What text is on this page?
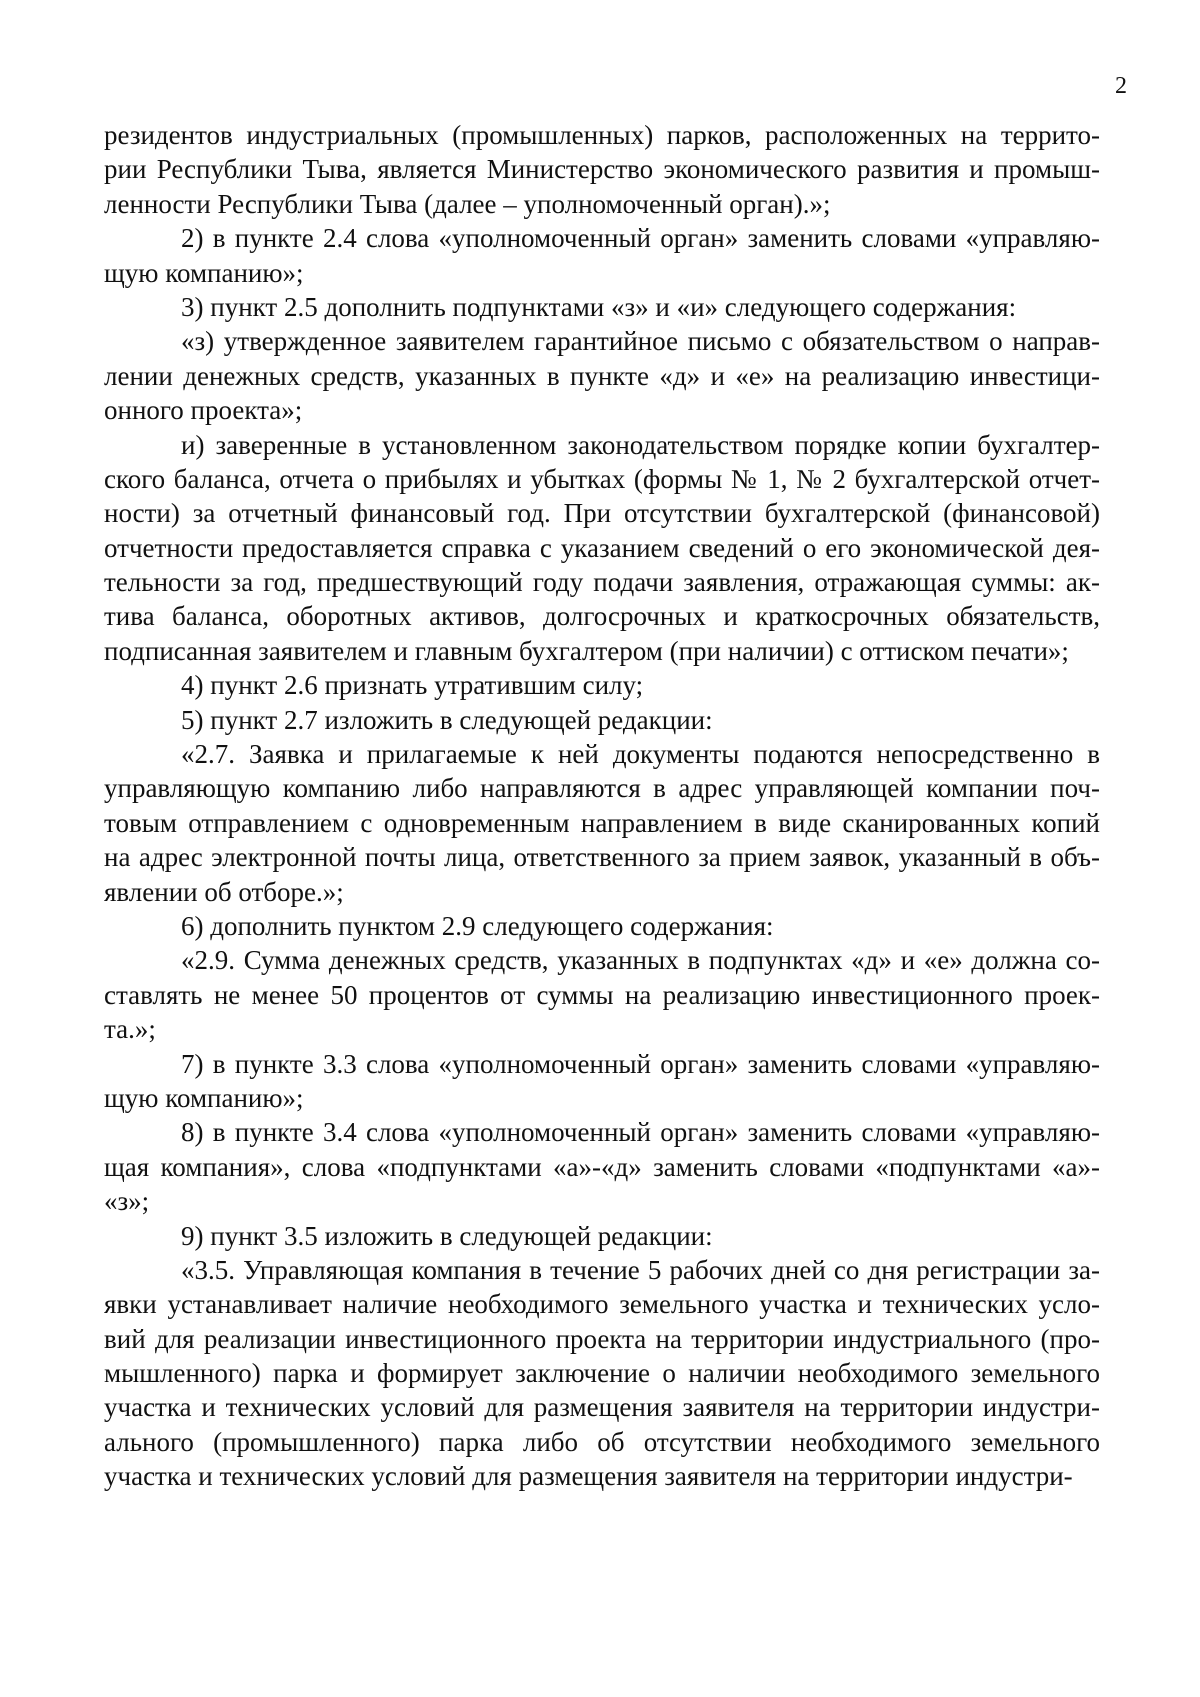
2
резидентов индустриальных (промышленных) парков, расположенных на террито-
рии Республики Тыва, является Министерство экономического развития и промыш-
ленности Республики Тыва (далее – уполномоченный орган).»;
2) в пункте 2.4 слова «уполномоченный орган» заменить словами «управляю-
щую компанию»;
3) пункт 2.5 дополнить подпунктами «з» и «и» следующего содержания:
«з) утвержденное заявителем гарантийное письмо с обязательством о направ-
лении денежных средств, указанных в пункте «д» и «е» на реализацию инвестици-
онного проекта»;
и) заверенные в установленном законодательством порядке копии бухгалтер-
ского баланса, отчета о прибылях и убытках (формы № 1, № 2 бухгалтерской отчет-
ности) за отчетный финансовый год. При отсутствии бухгалтерской (финансовой)
отчетности предоставляется справка с указанием сведений о его экономической дея-
тельности за год, предшествующий году подачи заявления, отражающая суммы: ак-
тива баланса, оборотных активов, долгосрочных и краткосрочных обязательств,
подписанная заявителем и главным бухгалтером (при наличии) с оттиском печати»;
4) пункт 2.6 признать утратившим силу;
5) пункт 2.7 изложить в следующей редакции:
«2.7. Заявка и прилагаемые к ней документы подаются непосредственно в
управляющую компанию либо направляются в адрес управляющей компании поч-
товым отправлением с одновременным направлением в виде сканированных копий
на адрес электронной почты лица, ответственного за прием заявок, указанный в объ-
явлении об отборе.»;
6) дополнить пунктом 2.9 следующего содержания:
«2.9. Сумма денежных средств, указанных в подпунктах «д» и «е» должна со-
ставлять не менее 50 процентов от суммы на реализацию инвестиционного проек-
та.»;
7) в пункте 3.3 слова «уполномоченный орган» заменить словами «управляю-
щую компанию»;
8) в пункте 3.4 слова «уполномоченный орган» заменить словами «управляю-
щая компания», слова «подпунктами «а»-«д» заменить словами «подпунктами «а»-
«з»;
9) пункт 3.5 изложить в следующей редакции:
«3.5. Управляющая компания в течение 5 рабочих дней со дня регистрации за-
явки устанавливает наличие необходимого земельного участка и технических усло-
вий для реализации инвестиционного проекта на территории индустриального (про-
мышленного) парка и формирует заключение о наличии необходимого земельного
участка и технических условий для размещения заявителя на территории индустри-
ального (промышленного) парка либо об отсутствии необходимого земельного
участка и технических условий для размещения заявителя на территории индустри-
